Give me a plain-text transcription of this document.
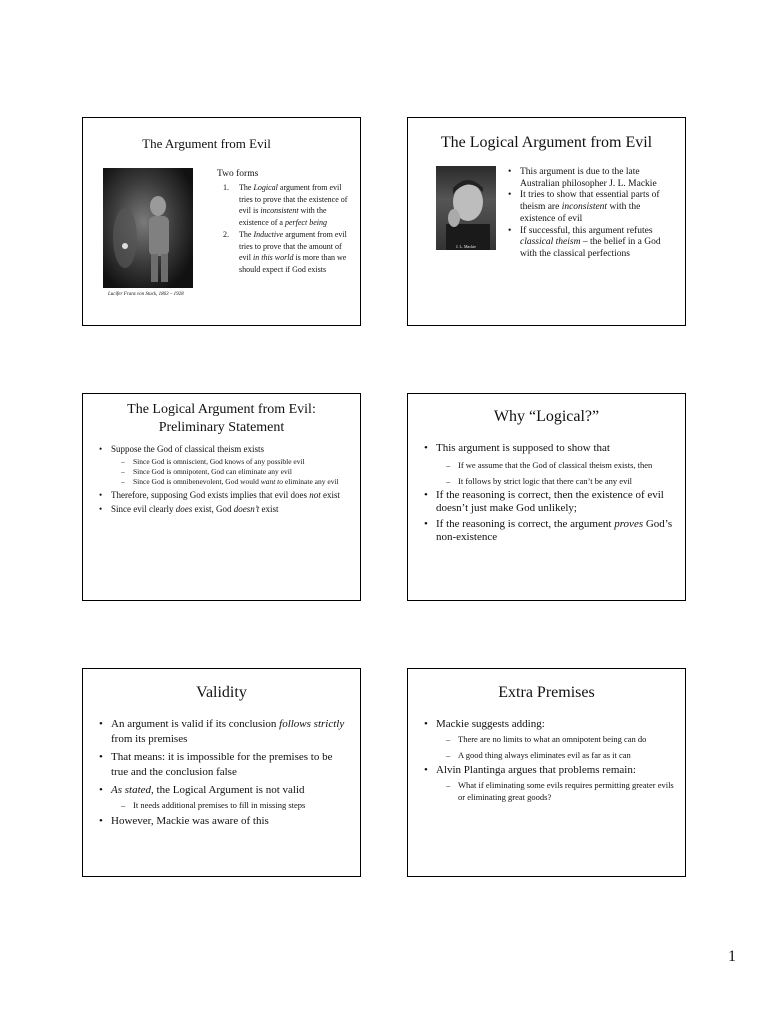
The Argument from Evil
Lucifer Franz von Stuck, 1863 – 1928
Two forms
1. The Logical argument from evil tries to prove that the existence of evil is inconsistent with the existence of a perfect being
2. The Inductive argument from evil tries to prove that the amount of evil in this world is more than we should expect if God exists
The Logical Argument from Evil
J. L. Mackie
• This argument is due to the late Australian philosopher J. L. Mackie
• It tries to show that essential parts of theism are inconsistent with the existence of evil
• If successful, this argument refutes classical theism – the belief in a God with the classical perfections
The Logical Argument from Evil:
Preliminary Statement
• Suppose the God of classical theism exists
– Since God is omniscient, God knows of any possible evil
– Since God is omnipotent, God can eliminate any evil
– Since God is omnibenevolent, God would want to eliminate any evil
• Therefore, supposing God exists implies that evil does not exist
• Since evil clearly does exist, God doesn’t exist
Why “Logical?”
• This argument is supposed to show that
– If we assume that the God of classical theism exists, then
– It follows by strict logic that there can’t be any evil
• If the reasoning is correct, then the existence of evil doesn’t just make God unlikely;
• If the reasoning is correct, the argument proves God’s non-existence
Validity
• An argument is valid if its conclusion follows strictly from its premises
• That means: it is impossible for the premises to be true and the conclusion false
• As stated, the Logical Argument is not valid
– It needs additional premises to fill in missing steps
• However, Mackie was aware of this
Extra Premises
• Mackie suggests adding:
– There are no limits to what an omnipotent being can do
– A good thing always eliminates evil as far as it can
• Alvin Plantinga argues that problems remain:
– What if eliminating some evils requires permitting greater evils or eliminating great goods?
1
